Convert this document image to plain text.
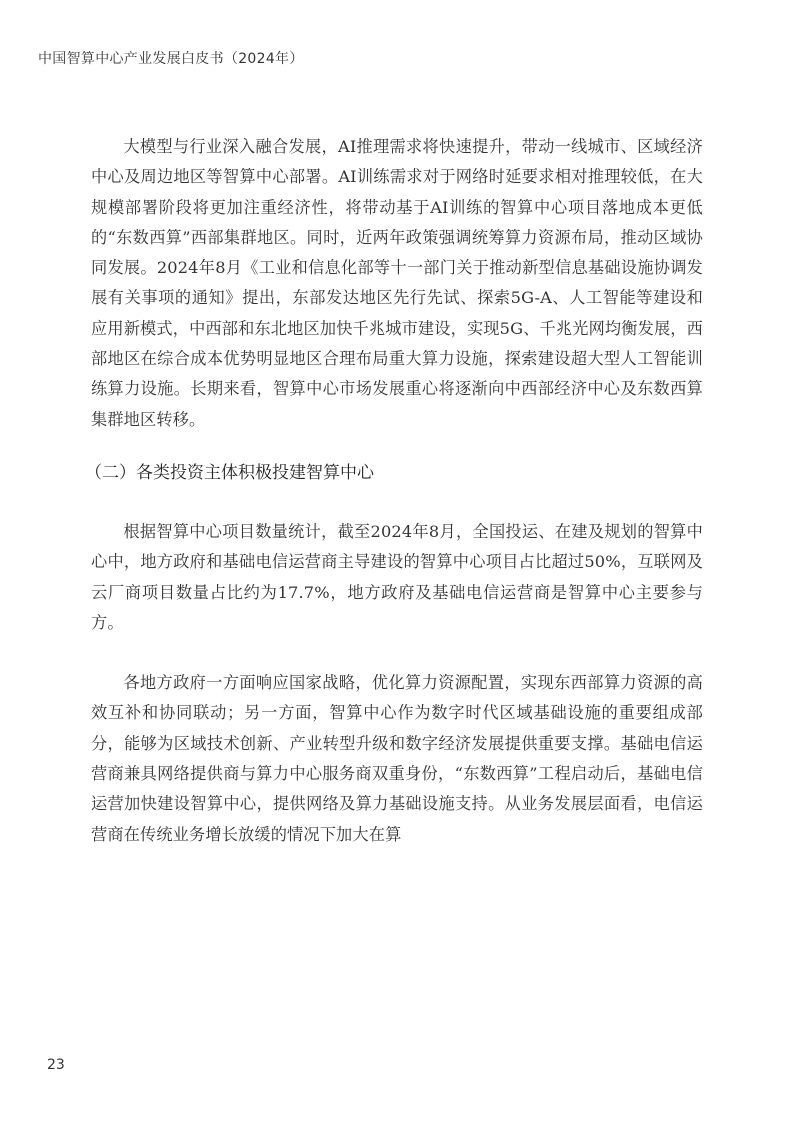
中国智算中心产业发展白皮书（2024年）

大模型与行业深入融合发展，AI推理需求将快速提升，带动一线城市、区域经济中心及周边地区等智算中心部署。AI训练需求对于网络时延要求相对推理较低，在大规模部署阶段将更加注重经济性，将带动基于AI训练的智算中心项目落地成本更低的“东数西算”西部集群地区。同时，近两年政策强调统筹算力资源布局，推动区域协同发展。2024年8月《工业和信息化部等十一部门关于推动新型信息基础设施协调发展有关事项的通知》提出，东部发达地区先行先试、探索5G-A、人工智能等建设和应用新模式，中西部和东北地区加快千兆城市建设，实现5G、千兆光网均衡发展，西部地区在综合成本优势明显地区合理布局重大算力设施，探索建设超大型人工智能训练算力设施。长期来看，智算中心市场发展重心将逐渐向中西部经济中心及东数西算集群地区转移。

（二）各类投资主体积极投建智算中心

根据智算中心项目数量统计，截至2024年8月，全国投运、在建及规划的智算中心中，地方政府和基础电信运营商主导建设的智算中心项目占比超过50%，互联网及云厂商项目数量占比约为17.7%，地方政府及基础电信运营商是智算中心主要参与方。

各地方政府一方面响应国家战略，优化算力资源配置，实现东西部算力资源的高效互补和协同联动；另一方面，智算中心作为数字时代区域基础设施的重要组成部分，能够为区域技术创新、产业转型升级和数字经济发展提供重要支撑。基础电信运营商兼具网络提供商与算力中心服务商双重身份，“东数西算”工程启动后，基础电信运营加快建设智算中心，提供网络及算力基础设施支持。从业务发展层面看，电信运营商在传统业务增长放缓的情况下加大在算

23
